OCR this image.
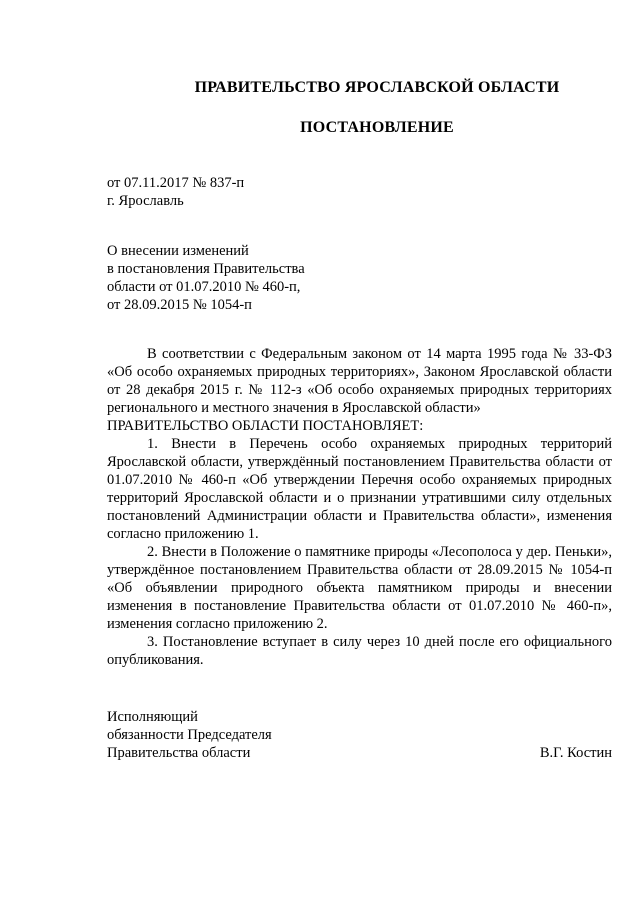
ПРАВИТЕЛЬСТВО ЯРОСЛАВСКОЙ ОБЛАСТИ
ПОСТАНОВЛЕНИЕ
от 07.11.2017 № 837-п
г. Ярославль
О внесении изменений
в постановления Правительства
области от 01.07.2010 № 460-п,
от 28.09.2015 № 1054-п

В соответствии с Федеральным законом от 14 марта 1995 года № 33-ФЗ «Об особо охраняемых природных территориях», Законом Ярославской области от 28 декабря 2015 г. № 112-з «Об особо охраняемых природных территориях регионального и местного значения в Ярославской области»

ПРАВИТЕЛЬСТВО ОБЛАСТИ ПОСТАНОВЛЯЕТ:

1. Внести в Перечень особо охраняемых природных территорий Ярославской области, утверждённый постановлением Правительства области от 01.07.2010 № 460-п «Об утверждении Перечня особо охраняемых природных территорий Ярославской области и о признании утратившими силу отдельных постановлений Администрации области и Правительства области», изменения согласно приложению 1.

2. Внести в Положение о памятнике природы «Лесополоса у дер. Пеньки», утверждённое постановлением Правительства области от 28.09.2015 № 1054-п «Об объявлении природного объекта памятником природы и внесении изменения в постановление Правительства области от 01.07.2010 № 460-п», изменения согласно приложению 2.

3. Постановление вступает в силу через 10 дней после его официального опубликования.

Исполняющий
обязанности Председателя
Правительства области	В.Г. Костин
